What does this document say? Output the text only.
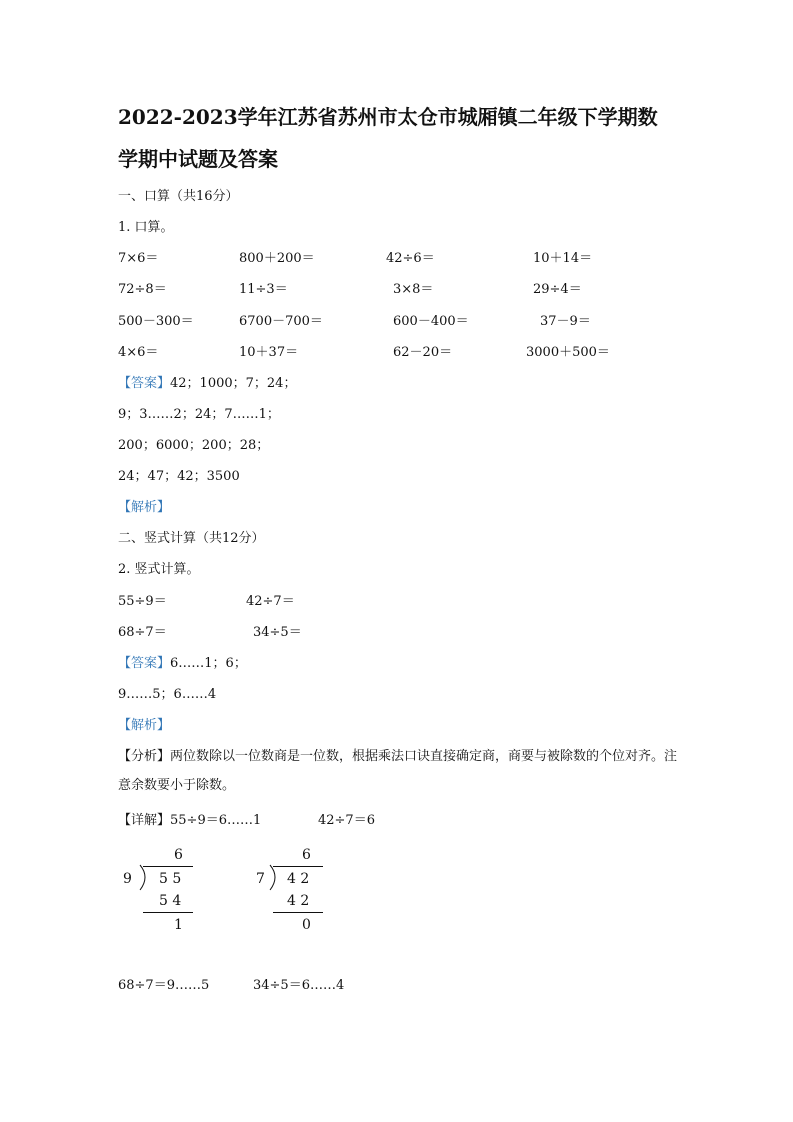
2022-2023学年江苏省苏州市太仓市城厢镇二年级下学期数
学期中试题及答案
一、口算（共16分）
1. 口算。
7×6＝	800＋200＝	42÷6＝	10＋14＝
72÷8＝	11÷3＝	3×8＝	29÷4＝
500－300＝	6700－700＝	600－400＝	37－9＝
4×6＝	10＋37＝	62－20＝	3000＋500＝
【答案】42；1000；7；24；
9；3……2；24；7……1；
200；6000；200；28；
24；47；42；3500
【解析】
二、竖式计算（共12分）
2. 竖式计算。
55÷9＝	42÷7＝
68÷7＝	34÷5＝
【答案】6……1；6；
9……5；6……4
【解析】
【分析】两位数除以一位数商是一位数，根据乘法口诀直接确定商，商要与被除数的个位对齐。注意余数要小于除数。
【详解】55÷9＝6……1	42÷7＝6
6
9 5 5
5 4
1
6
7 4 2
4 2
0
68÷7＝9……5	34÷5＝6……4
